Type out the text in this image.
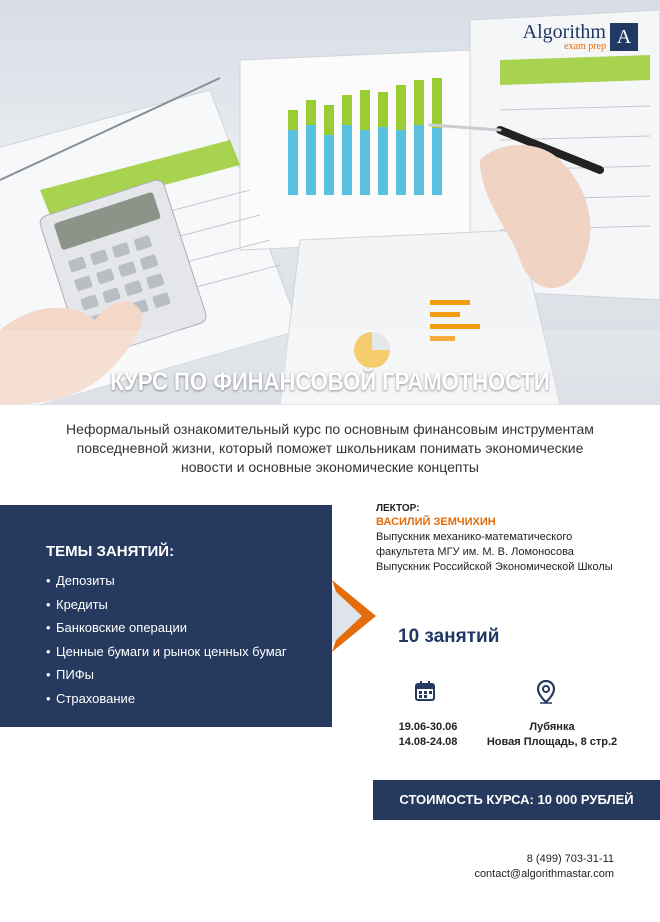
Algorithm
exam prep A
КУРС ПО ФИНАНСОВОЙ ГРАМОТНОСТИ
Неформальный ознакомительный курс по основным финансовым инструментам повседневной жизни, который поможет школьникам понимать экономические новости и основные экономические концепты
ТЕМЫ ЗАНЯТИЙ:
• Депозиты
• Кредиты
• Банковские операции
• Ценные бумаги и рынок ценных бумаг
• ПИФы
• Страхование
ЛЕКТОР:
ВАСИЛИЙ ЗЕМЧИХИН
Выпускник механико-математического
факультета МГУ им. М. В. Ломоносова
Выпускник Российской Экономической Школы
10 занятий
19.06-30.06
14.08-24.08
Лубянка
Новая Площадь, 8 стр.2
СТОИМОСТЬ КУРСА: 10 000 РУБЛЕЙ
8 (499) 703-31-11
contact@algorithmastar.com
